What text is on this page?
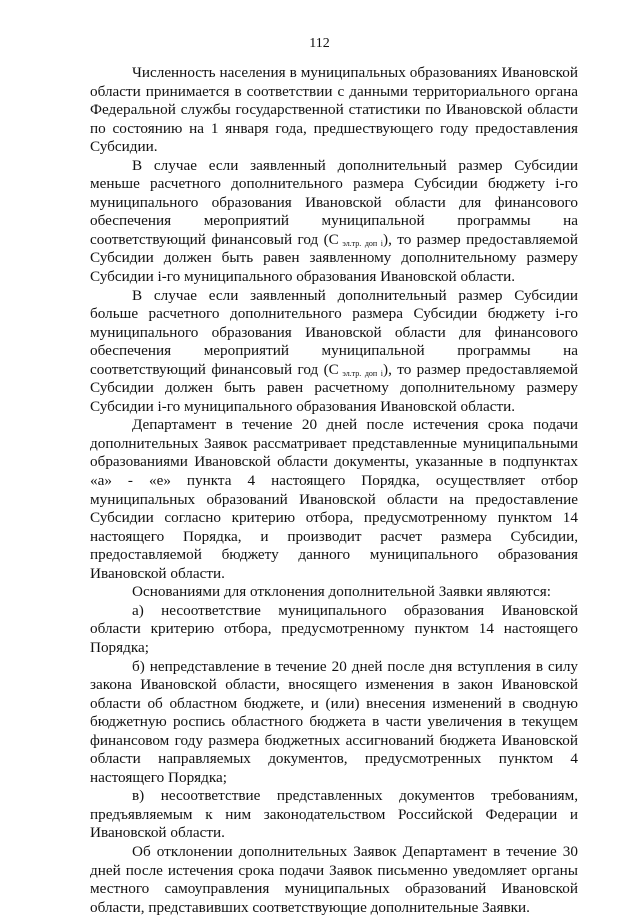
112

Численность населения в муниципальных образованиях Ивановской области принимается в соответствии с данными территориального органа Федеральной службы государственной статистики по Ивановской области по состоянию на 1 января года, предшествующего году предоставления Субсидии.

В случае если заявленный дополнительный размер Субсидии меньше расчетного дополнительного размера Субсидии бюджету i-го муниципального образования Ивановской области для финансового обеспечения мероприятий муниципальной программы на соответствующий финансовый год (С $_{эл.тр. доп i}$), то размер предоставляемой Субсидии должен быть равен заявленному дополнительному размеру Субсидии i-го муниципального образования Ивановской области.

В случае если заявленный дополнительный размер Субсидии больше расчетного дополнительного размера Субсидии бюджету i-го муниципального образования Ивановской области для финансового обеспечения мероприятий муниципальной программы на соответствующий финансовый год (С $_{эл.тр. доп i}$), то размер предоставляемой Субсидии должен быть равен расчетному дополнительному размеру Субсидии i-го муниципального образования Ивановской области.

Департамент в течение 20 дней после истечения срока подачи дополнительных Заявок рассматривает представленные муниципальными образованиями Ивановской области документы, указанные в подпунктах «а» - «е» пункта 4 настоящего Порядка, осуществляет отбор муниципальных образований Ивановской области на предоставление Субсидии согласно критерию отбора, предусмотренному пунктом 14 настоящего Порядка, и производит расчет размера Субсидии, предоставляемой бюджету данного муниципального образования Ивановской области.

Основаниями для отклонения дополнительной Заявки являются:

а) несоответствие муниципального образования Ивановской области критерию отбора, предусмотренному пунктом 14 настоящего Порядка;

б) непредставление в течение 20 дней после дня вступления в силу закона Ивановской области, вносящего изменения в закон Ивановской области об областном бюджете, и (или) внесения изменений в сводную бюджетную роспись областного бюджета в части увеличения в текущем финансовом году размера бюджетных ассигнований бюджета Ивановской области направляемых документов, предусмотренных пунктом 4 настоящего Порядка;

в) несоответствие представленных документов требованиям, предъявляемым к ним законодательством Российской Федерации и Ивановской области.

Об отклонении дополнительных Заявок Департамент в течение 30 дней после истечения срока подачи Заявок письменно уведомляет органы местного самоуправления муниципальных образований Ивановской области, представивших соответствующие дополнительные Заявки.
